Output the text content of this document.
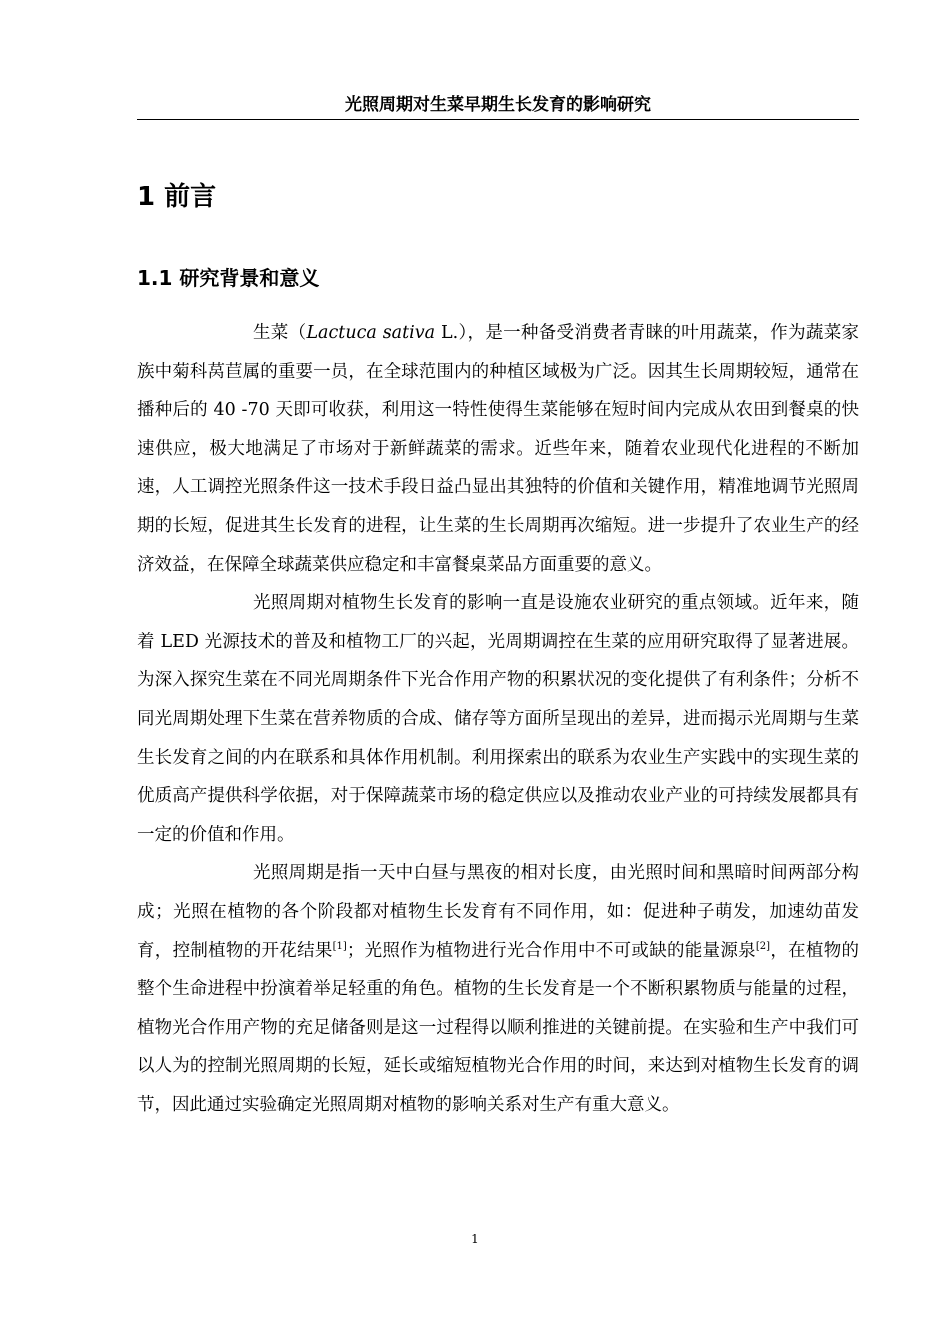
光照周期对生菜早期生长发育的影响研究
1 前言
1.1 研究背景和意义

生菜（Lactuca sativa L.），是一种备受消费者青睐的叶用蔬菜，作为蔬菜家族中菊科莴苣属的重要一员，在全球范围内的种植区域极为广泛。因其生长周期较短，通常在播种后的 40 -70 天即可收获，利用这一特性使得生菜能够在短时间内完成从农田到餐桌的快速供应，极大地满足了市场对于新鲜蔬菜的需求。近些年来，随着农业现代化进程的不断加速，人工调控光照条件这一技术手段日益凸显出其独特的价值和关键作用，精准地调节光照周期的长短，促进其生长发育的进程，让生菜的生长周期再次缩短。进一步提升了农业生产的经济效益，在保障全球蔬菜供应稳定和丰富餐桌菜品方面重要的意义。

光照周期对植物生长发育的影响一直是设施农业研究的重点领域。近年来，随着 LED 光源技术的普及和植物工厂的兴起，光周期调控在生菜的应用研究取得了显著进展。为深入探究生菜在不同光周期条件下光合作用产物的积累状况的变化提供了有利条件；分析不同光周期处理下生菜在营养物质的合成、储存等方面所呈现出的差异，进而揭示光周期与生菜生长发育之间的内在联系和具体作用机制。利用探索出的联系为农业生产实践中的实现生菜的优质高产提供科学依据，对于保障蔬菜市场的稳定供应以及推动农业产业的可持续发展都具有一定的价值和作用。

光照周期是指一天中白昼与黑夜的相对长度，由光照时间和黑暗时间两部分构成；光照在植物的各个阶段都对植物生长发育有不同作用，如：促进种子萌发，加速幼苗发育，控制植物的开花结果[1]；光照作为植物进行光合作用中不可或缺的能量源泉[2]，在植物的整个生命进程中扮演着举足轻重的角色。植物的生长发育是一个不断积累物质与能量的过程，植物光合作用产物的充足储备则是这一过程得以顺利推进的关键前提。在实验和生产中我们可以人为的控制光照周期的长短，延长或缩短植物光合作用的时间，来达到对植物生长发育的调节，因此通过实验确定光照周期对植物的影响关系对生产有重大意义。

1
